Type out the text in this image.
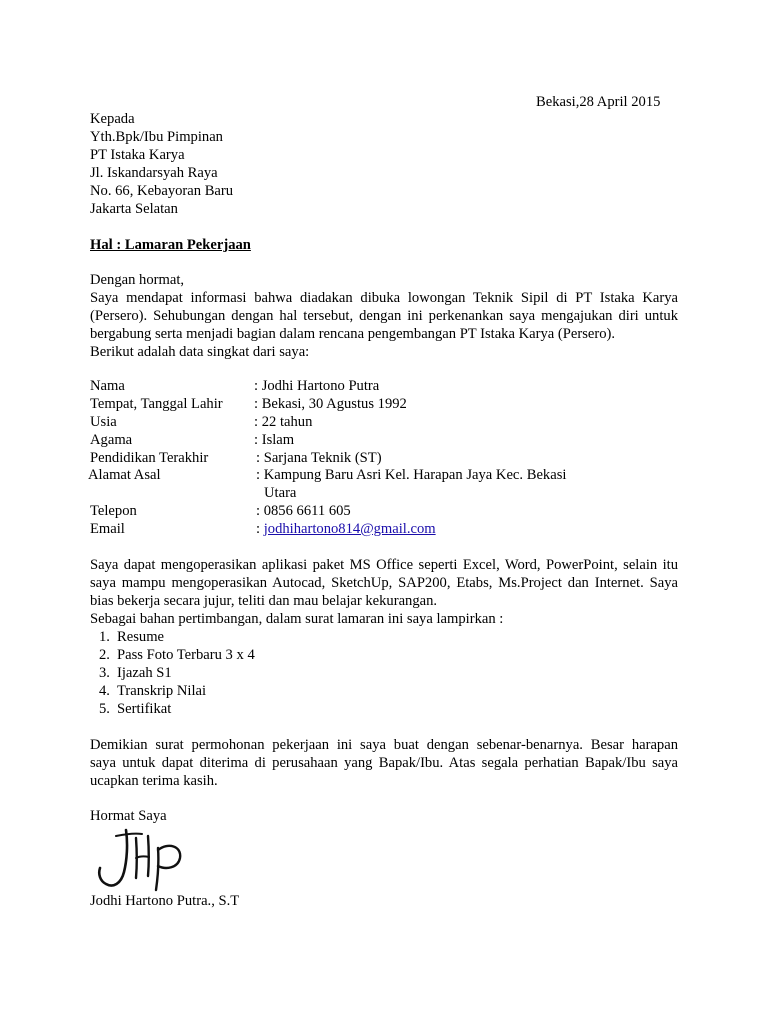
Bekasi,28 April 2015
Kepada
Yth.Bpk/Ibu Pimpinan
PT Istaka Karya
Jl. Iskandarsyah Raya
No. 66, Kebayoran Baru
Jakarta Selatan
Hal : Lamaran Pekerjaan
Dengan hormat,
Saya mendapat informasi bahwa diadakan dibuka lowongan Teknik Sipil di PT Istaka Karya
(Persero). Sehubungan dengan hal tersebut, dengan ini perkenankan saya mengajukan diri untuk
bergabung serta menjadi bagian dalam rencana pengembangan PT Istaka Karya (Persero).
Berikut adalah data singkat dari saya:
Nama	: Jodhi Hartono Putra
Tempat, Tanggal Lahir : Bekasi, 30 Agustus 1992
Usia	: 22 tahun
Agama	: Islam
Pendidikan Terakhir	: Sarjana Teknik (ST)
Alamat Asal	: Kampung Baru Asri Kel. Harapan Jaya Kec. Bekasi
Utara
Telepon	: 0856 6611 605
Email	: jodhihartono814@gmail.com
Saya dapat mengoperasikan aplikasi paket MS Office seperti Excel, Word, PowerPoint, selain itu
saya mampu mengoperasikan Autocad, SketchUp, SAP200, Etabs, Ms.Project dan Internet. Saya
bias bekerja secara jujur, teliti dan mau belajar kekurangan.
Sebagai bahan pertimbangan, dalam surat lamaran ini saya lampirkan :
1. Resume
2. Pass Foto Terbaru 3 x 4
3. Ijazah S1
4. Transkrip Nilai
5. Sertifikat
Demikian surat permohonan pekerjaan ini saya buat dengan sebenar-benarnya. Besar harapan
saya untuk dapat diterima di perusahaan yang Bapak/Ibu. Atas segala perhatian Bapak/Ibu saya
ucapkan terima kasih.
Hormat Saya
Jodhi Hartono Putra., S.T
